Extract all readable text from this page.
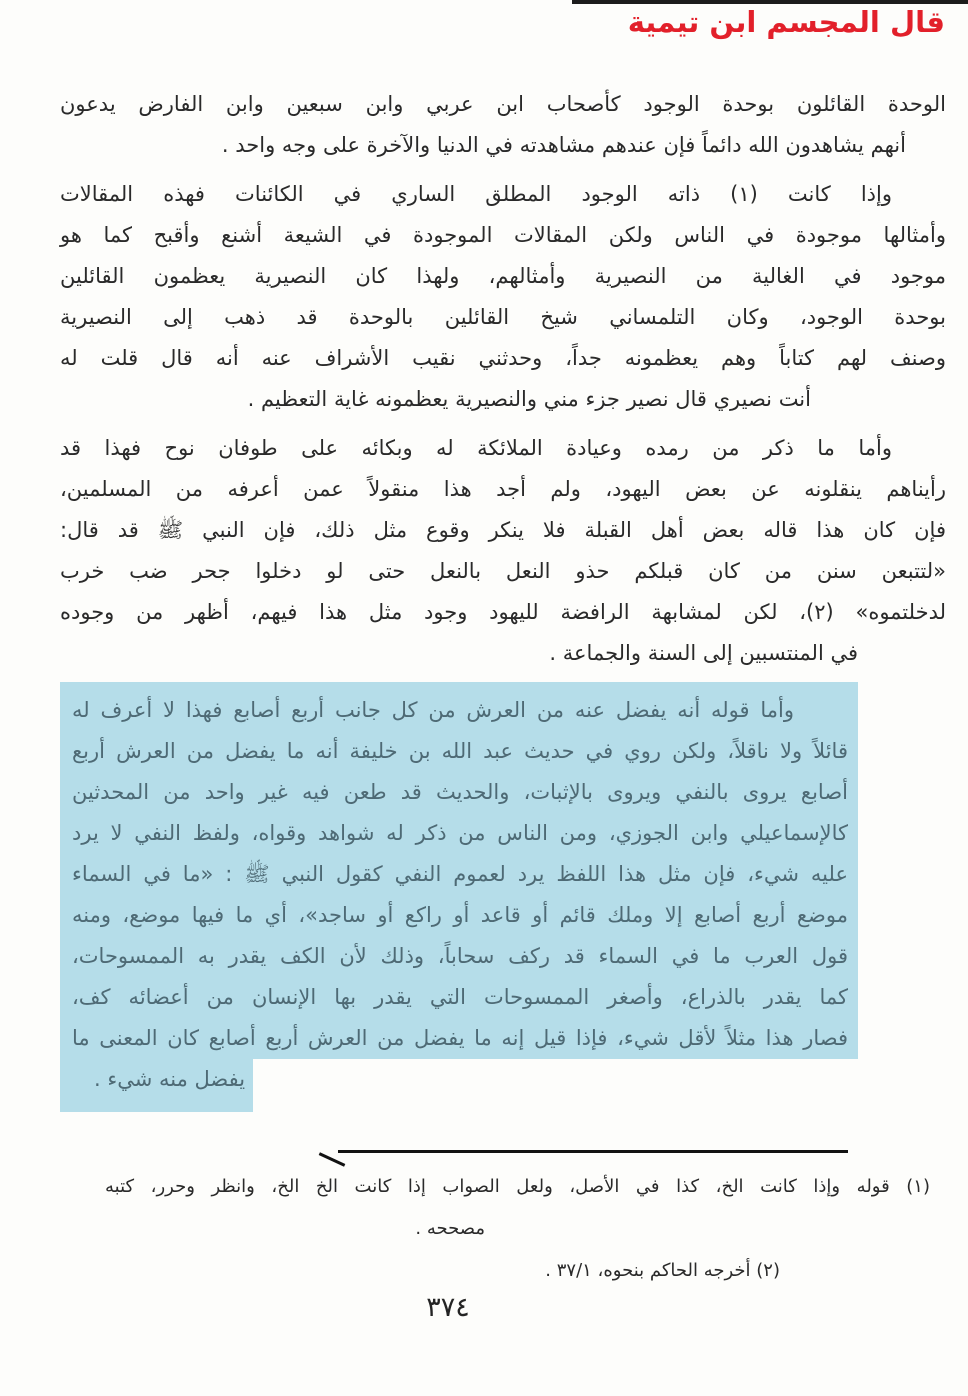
قال المجسم ابن تيمية
الوحدة القائلون بوحدة الوجود كأصحاب ابن عربي وابن سبعين وابن الفارض يدعون
أنهم يشاهدون الله دائماً فإن عندهم مشاهدته في الدنيا والآخرة على وجه واحد .
وإذا كانت (١) ذاته الوجود المطلق الساري في الكائنات فهذه المقالات
وأمثالها موجودة في الناس ولكن المقالات الموجودة في الشيعة أشنع وأقبح كما هو
موجود في الغالية من النصيرية وأمثالهم، ولهذا كان النصيرية يعظمون القائلين
بوحدة الوجود، وكان التلمساني شيخ القائلين بالوحدة قد ذهب إلى النصيرية
وصنف لهم كتاباً وهم يعظمونه جداً، وحدثني نقيب الأشراف عنه أنه قال قلت له
أنت نصيري قال نصير جزء مني والنصيرية يعظمونه غاية التعظيم .
وأما ما ذكر من رمده وعيادة الملائكة له وبكائه على طوفان نوح فهذا قد
رأيناهم ينقلونه عن بعض اليهود، ولم أجد هذا منقولاً عمن أعرفه من المسلمين،
فإن كان هذا قاله بعض أهل القبلة فلا ينكر وقوع مثل ذلك، فإن النبي ﷺ قد قال:
«لتتبعن سنن من كان قبلكم حذو النعل بالنعل حتى لو دخلوا جحر ضب خرب
لدخلتموه» (٢)، لكن لمشابهة الرافضة لليهود وجود مثل هذا فيهم، أظهر من وجوده
في المنتسبين إلى السنة والجماعة .
وأما قوله أنه يفضل عنه من العرش من كل جانب أربع أصابع فهذا لا أعرف له
قائلاً ولا ناقلاً، ولكن روي في حديث عبد الله بن خليفة أنه ما يفضل من العرش أربع
أصابع يروى بالنفي ويروى بالإثبات، والحديث قد طعن فيه غير واحد من المحدثين
كالإسماعيلي وابن الجوزي، ومن الناس من ذكر له شواهد وقواه، ولفظ النفي لا يرد
عليه شيء، فإن مثل هذا اللفظ يرد لعموم النفي كقول النبي ﷺ : «ما في السماء
موضع أربع أصابع إلا وملك قائم أو قاعد أو راكع أو ساجد»، أي ما فيها موضع، ومنه
قول العرب ما في السماء قد ركف سحاباً، وذلك لأن الكف يقدر به الممسوحات،
كما يقدر بالذراع، وأصغر الممسوحات التي يقدر بها الإنسان من أعضائه كف،
فصار هذا مثلاً لأقل شيء، فإذا قيل إنه ما يفضل من العرش أربع أصابع كان المعنى ما
يفضل منه شيء .
(١) قوله وإذا كانت الخ، كذا في الأصل، ولعل الصواب إذا كانت الخ الخ، وانظر وحرر، كتبه
مصححه .
(٢) أخرجه الحاكم بنحوه، ٣٧/١ .
٣٧٤
